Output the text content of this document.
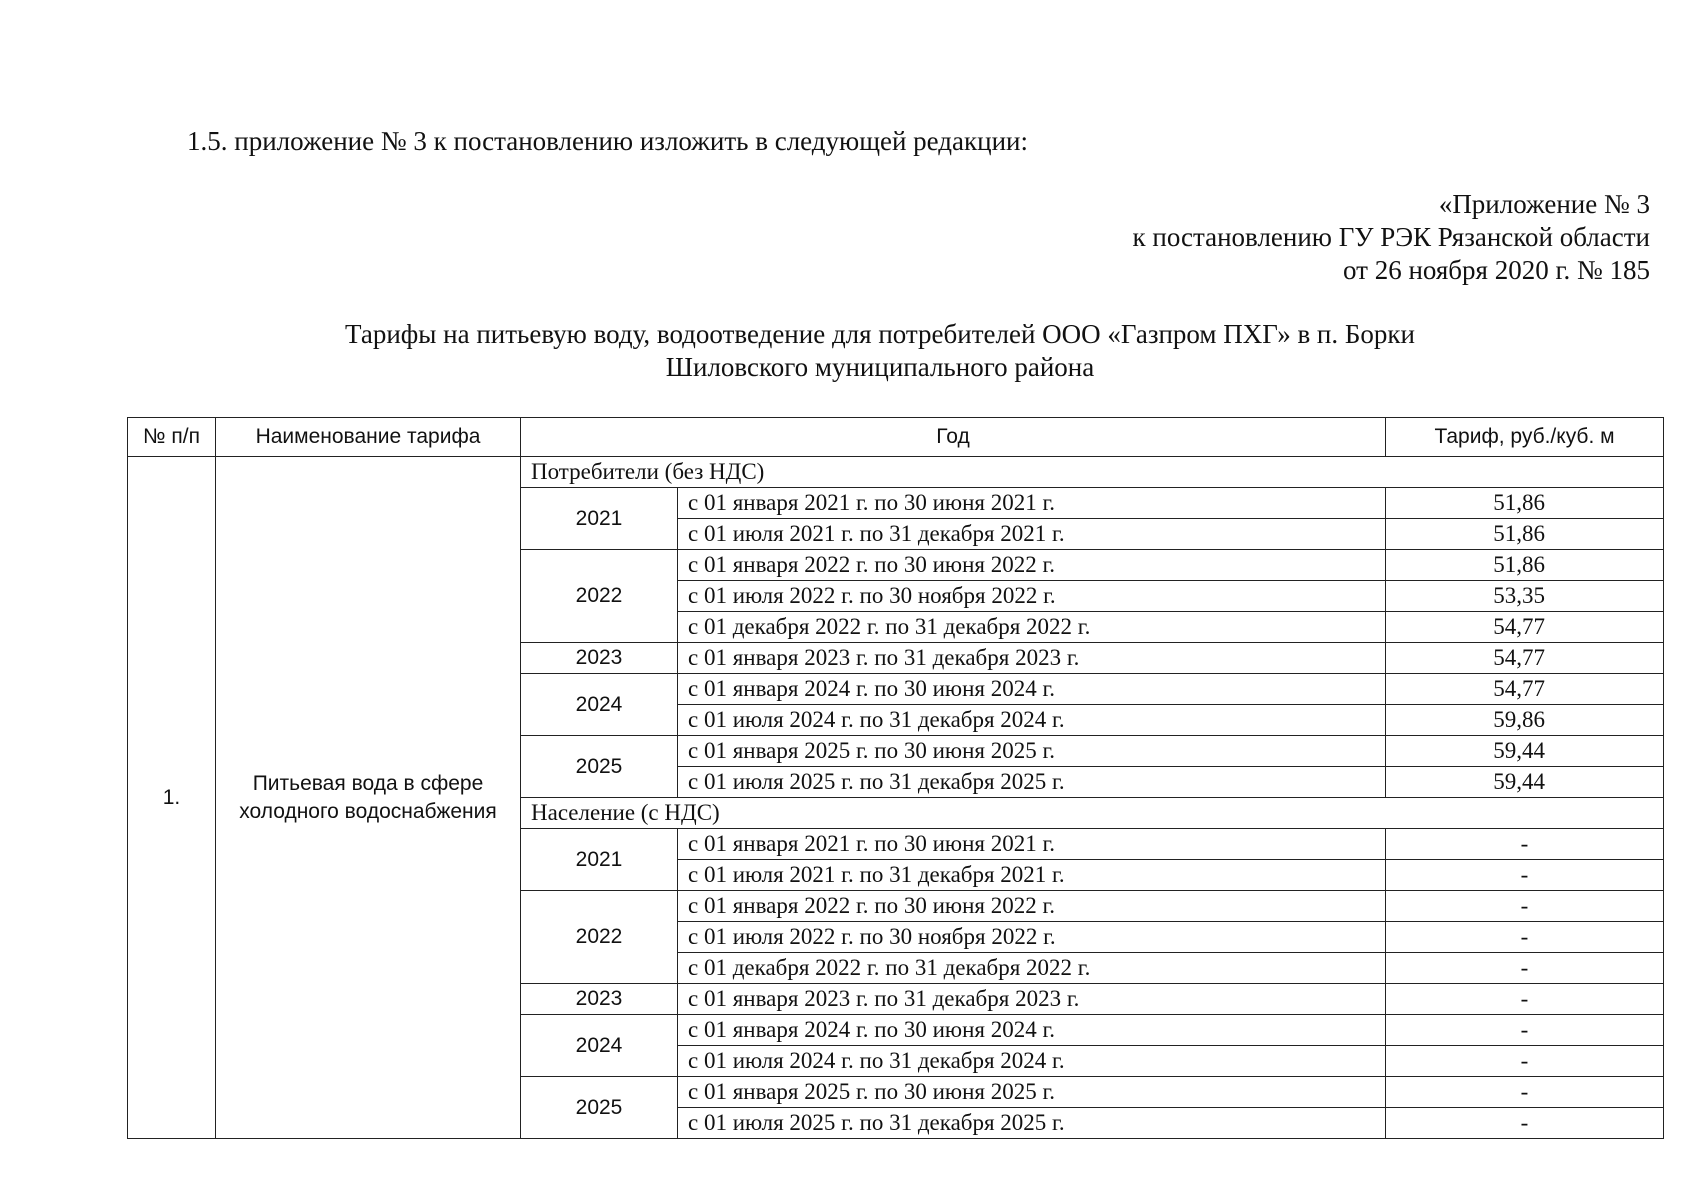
1.5. приложение № 3 к постановлению изложить в следующей редакции:
«Приложение № 3
к постановлению ГУ РЭК Рязанской области
от 26 ноября 2020 г. № 185
Тарифы на питьевую воду, водоотведение для потребителей ООО «Газпром ПХГ» в п. Борки
Шиловского муниципального района
№ п/п	Наименование тарифа	Год		Тариф, руб./куб. м
1.	Питьевая вода в сфере холодного водоснабжения	Потребители (без НДС)		
		2021	с 01 января 2021 г. по 30 июня 2021 г.	51,86
			с 01 июля 2021 г. по 31 декабря 2021 г.	51,86
		2022	с 01 января 2022 г. по 30 июня 2022 г.	51,86
			с 01 июля 2022 г. по 30 ноября 2022 г.	53,35
			с 01 декабря 2022 г. по 31 декабря 2022 г.	54,77
		2023	с 01 января 2023 г. по 31 декабря 2023 г.	54,77
		2024	с 01 января 2024 г. по 30 июня 2024 г.	54,77
			с 01 июля 2024 г. по 31 декабря 2024 г.	59,86
		2025	с 01 января 2025 г. по 30 июня 2025 г.	59,44
			с 01 июля 2025 г. по 31 декабря 2025 г.	59,44
		Население (с НДС)		
		2021	с 01 января 2021 г. по 30 июня 2021 г.	-
			с 01 июля 2021 г. по 31 декабря 2021 г.	-
		2022	с 01 января 2022 г. по 30 июня 2022 г.	-
			с 01 июля 2022 г. по 30 ноября 2022 г.	-
			с 01 декабря 2022 г. по 31 декабря 2022 г.	-
		2023	с 01 января 2023 г. по 31 декабря 2023 г.	-
		2024	с 01 января 2024 г. по 30 июня 2024 г.	-
			с 01 июля 2024 г. по 31 декабря 2024 г.	-
		2025	с 01 января 2025 г. по 30 июня 2025 г.	-
			с 01 июля 2025 г. по 31 декабря 2025 г.	-
